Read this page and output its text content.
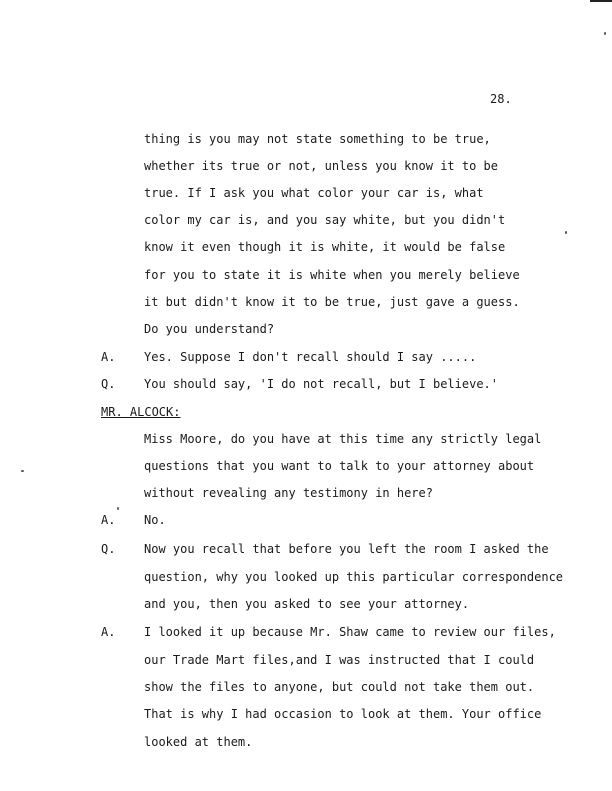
28.
thing is you may not state something to be true,
whether its true or not, unless you know it to be
true. If I ask you what color your car is, what
color my car is, and you say white, but you didn't
know it even though it is white, it would be false
for you to state it is white when you merely believe
it but didn't know it to be true, just gave a guess.
Do you understand?
A. Yes. Suppose I don't recall should I say .....
Q. You should say, 'I do not recall, but I believe.'
MR. ALCOCK:
Miss Moore, do you have at this time any strictly legal
questions that you want to talk to your attorney about
without revealing any testimony in here?
A. No.
Q. Now you recall that before you left the room I asked the
question, why you looked up this particular correspondence
and you, then you asked to see your attorney.
A. I looked it up because Mr. Shaw came to review our files,
our Trade Mart files,and I was instructed that I could
show the files to anyone, but could not take them out.
That is why I had occasion to look at them. Your office
looked at them.
